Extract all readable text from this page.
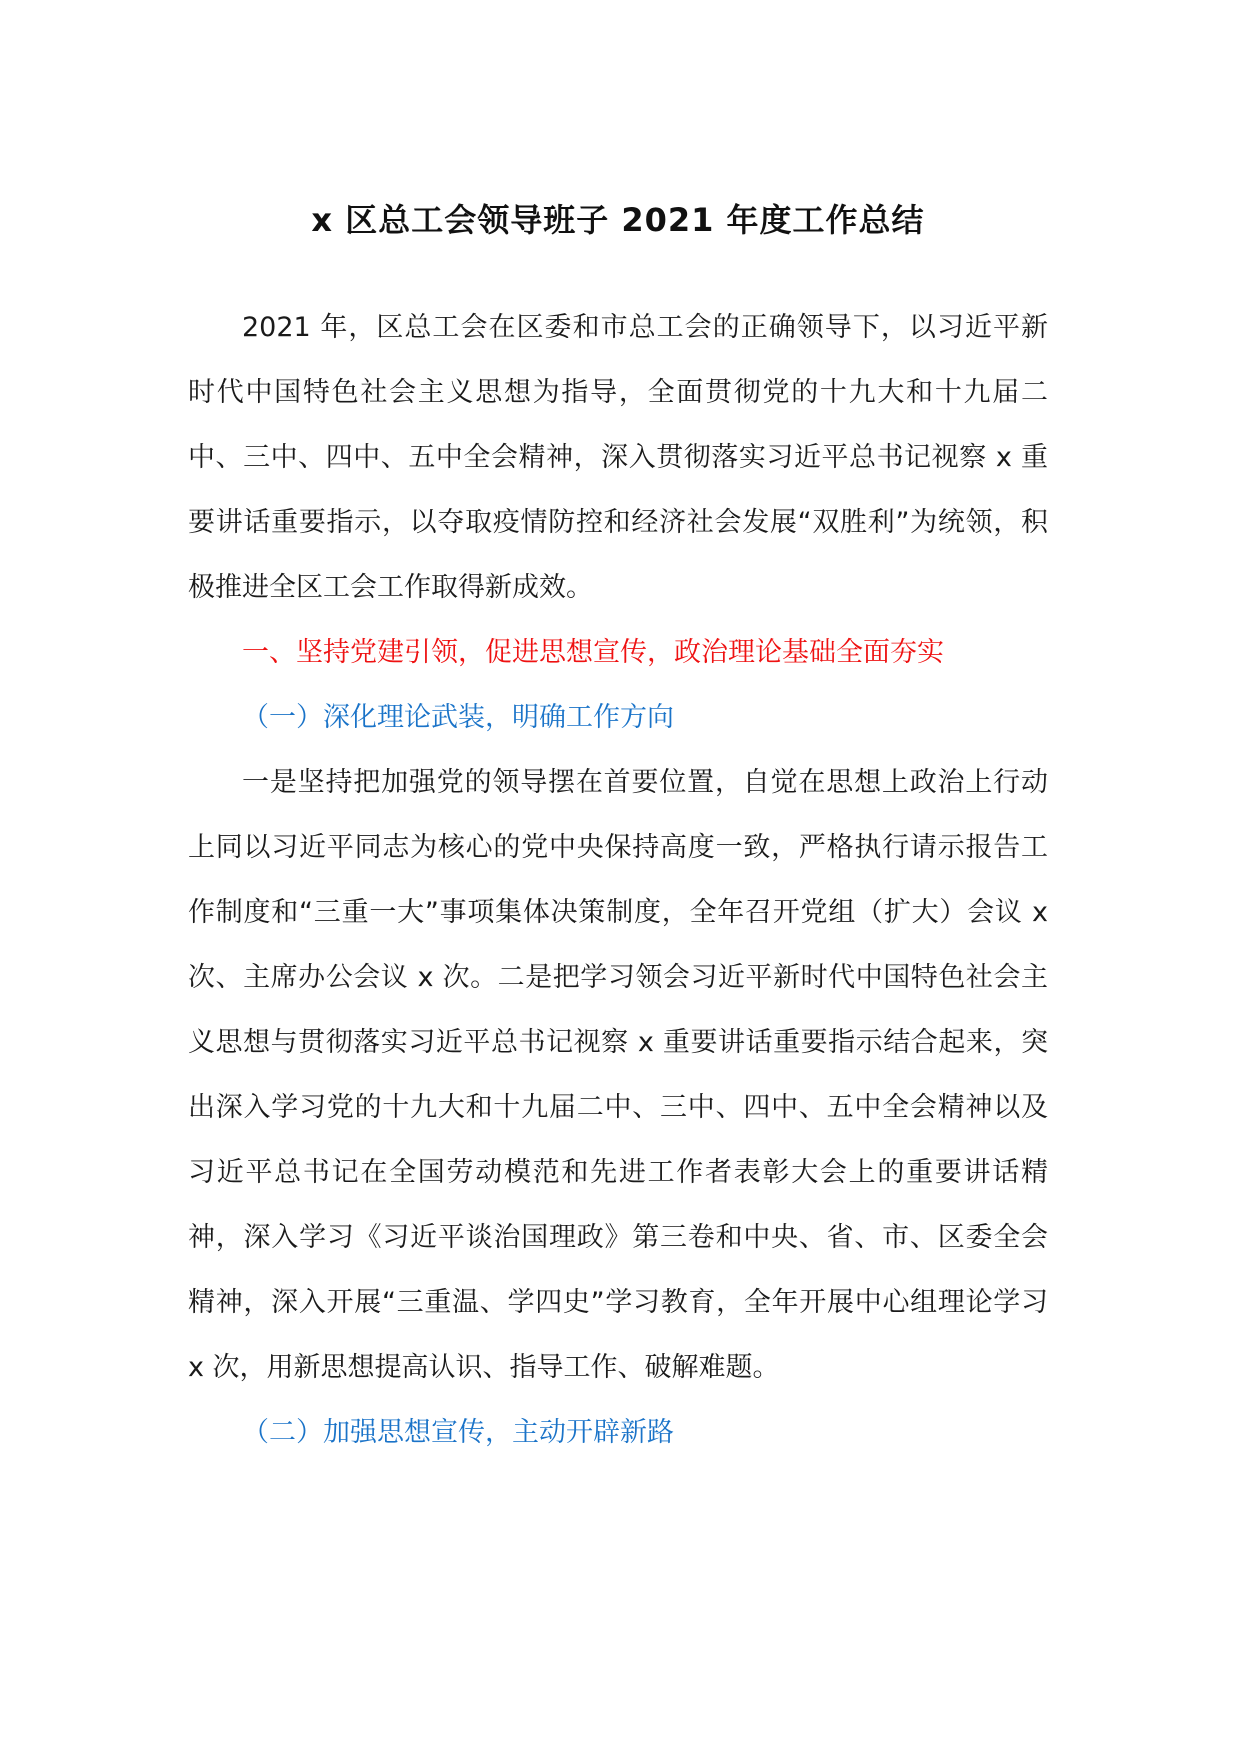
x 区总工会领导班子 2021 年度工作总结

2021 年，区总工会在区委和市总工会的正确领导下，以习近平新时代中国特色社会主义思想为指导，全面贯彻党的十九大和十九届二中、三中、四中、五中全会精神，深入贯彻落实习近平总书记视察 x 重要讲话重要指示，以夺取疫情防控和经济社会发展“双胜利”为统领，积极推进全区工会工作取得新成效。

一、坚持党建引领，促进思想宣传，政治理论基础全面夯实

（一）深化理论武装，明确工作方向

一是坚持把加强党的领导摆在首要位置，自觉在思想上政治上行动上同以习近平同志为核心的党中央保持高度一致，严格执行请示报告工作制度和“三重一大”事项集体决策制度，全年召开党组（扩大）会议 x 次、主席办公会议 x 次。二是把学习领会习近平新时代中国特色社会主义思想与贯彻落实习近平总书记视察 x 重要讲话重要指示结合起来，突出深入学习党的十九大和十九届二中、三中、四中、五中全会精神以及习近平总书记在全国劳动模范和先进工作者表彰大会上的重要讲话精神，深入学习《习近平谈治国理政》第三卷和中央、省、市、区委全会精神，深入开展“三重温、学四史”学习教育，全年开展中心组理论学习 x 次，用新思想提高认识、指导工作、破解难题。

（二）加强思想宣传，主动开辟新路
